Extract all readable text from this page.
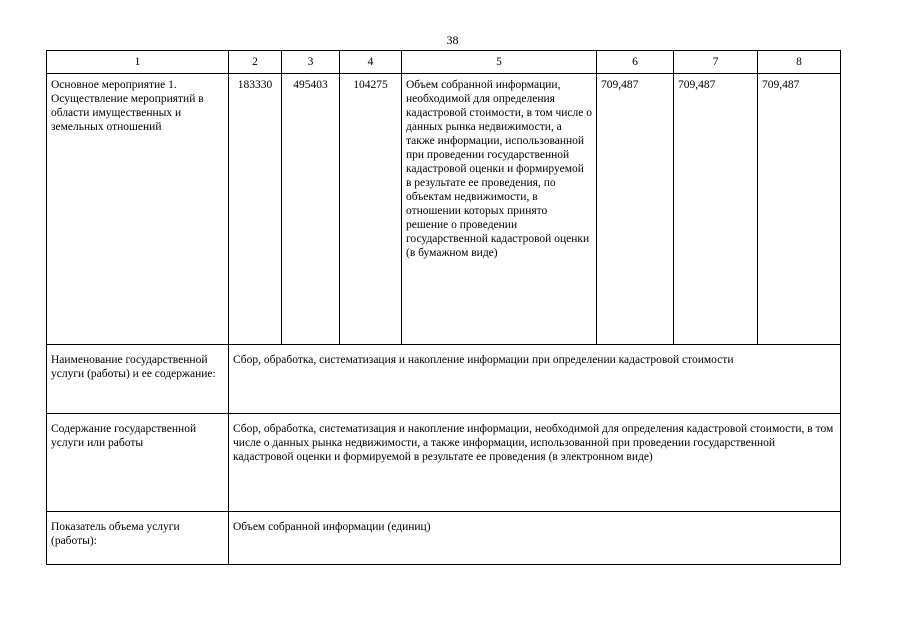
38
1	2	3	4	5	6	7	8
Основное мероприятие 1. Осуществление мероприятий в области имущественных и земельных отношений	183330	495403	104275	Объем собранной информации, необходимой для определения кадастровой стоимости, в том числе о данных рынка недвижимости, а также информации, использованной при проведении государственной кадастровой оценки и формируемой в результате ее проведения, по объектам недвижимости, в отношении которых принято решение о проведении государственной кадастровой оценки (в бумажном виде)	709,487	709,487	709,487
Наименование государственной услуги (работы) и ее содержание:	Сбор, обработка, систематизация и накопление информации при определении кадастровой стоимости						
Содержание государственной услуги или работы	Сбор, обработка, систематизация и накопление информации, необходимой для определения кадастровой стоимости, в том числе о данных рынка недвижимости, а также информации, использованной при проведении государственной кадастровой оценки и формируемой в результате ее проведения (в электронном виде)						
Показатель объема услуги (работы):	Объем собранной информации (единиц)						
